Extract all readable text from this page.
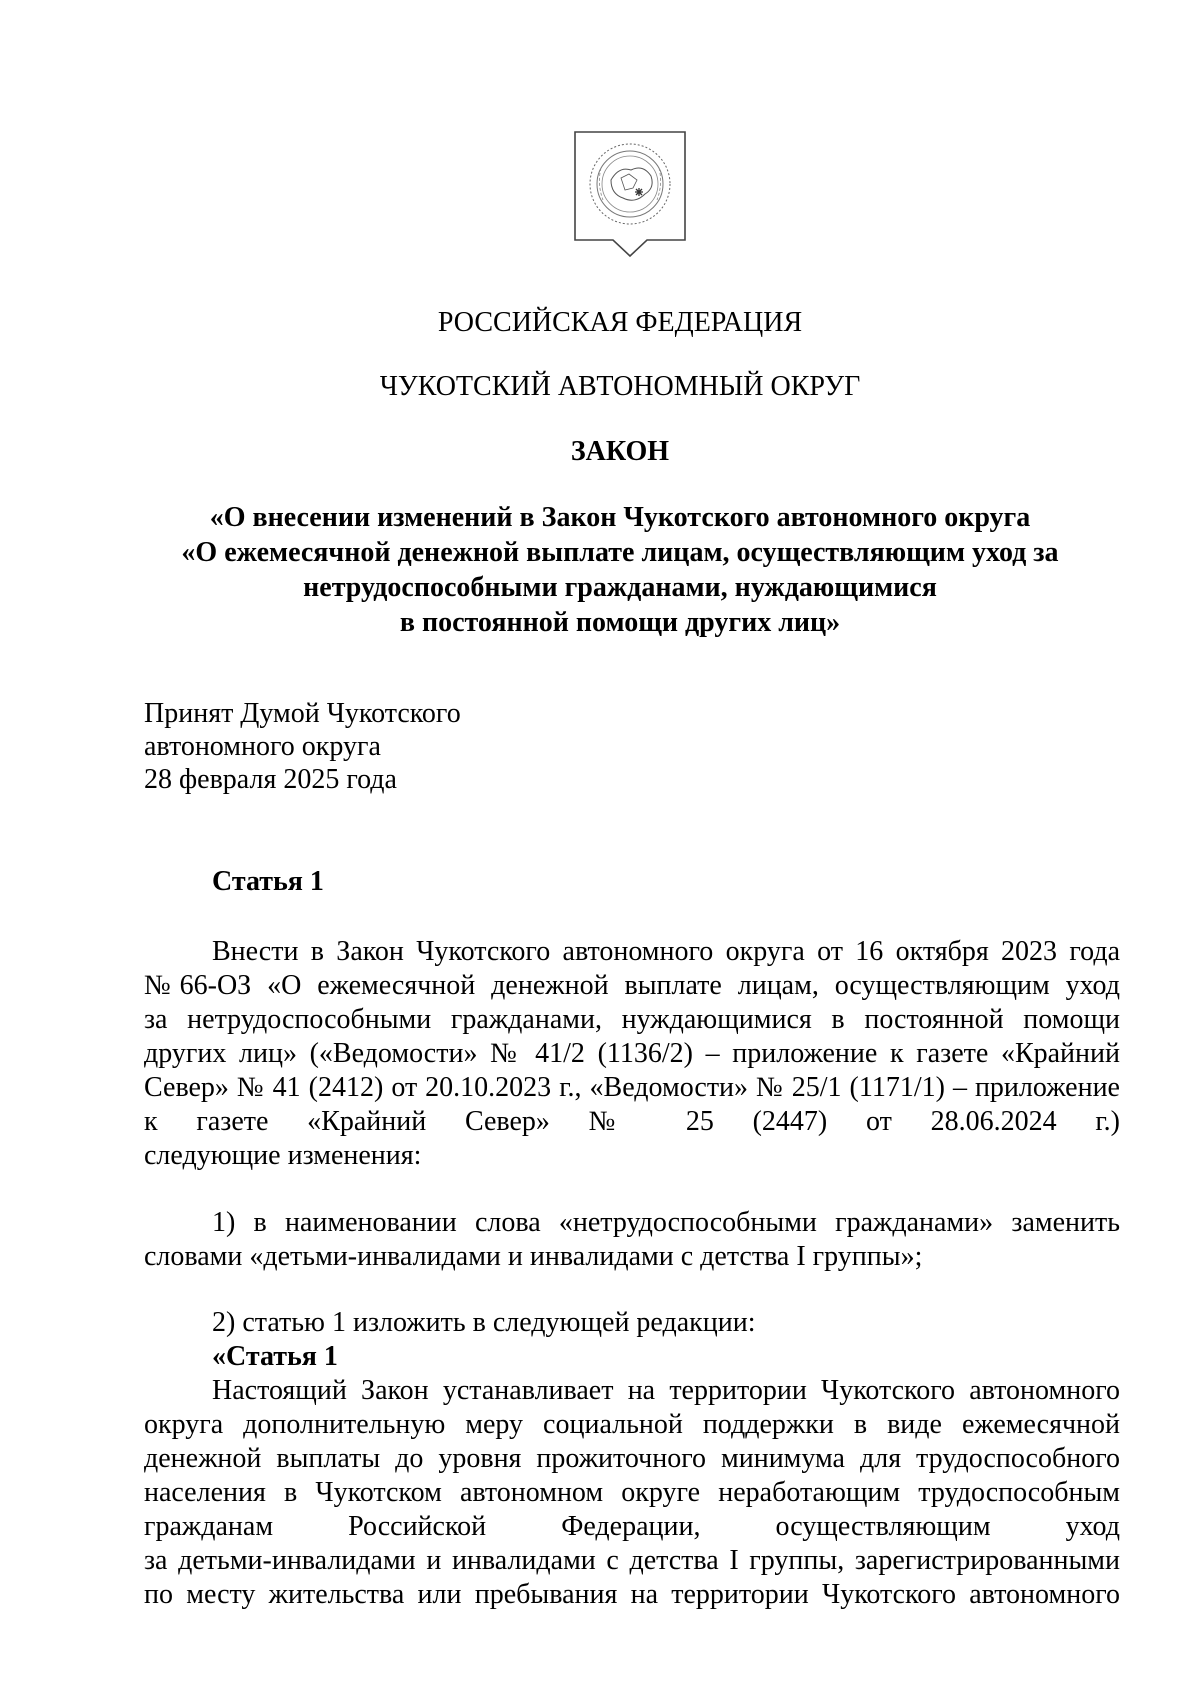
РОССИЙСКАЯ ФЕДЕРАЦИЯ
ЧУКОТСКИЙ АВТОНОМНЫЙ ОКРУГ
ЗАКОН
«О внесении изменений в Закон Чукотского автономного округа
«О ежемесячной денежной выплате лицам, осуществляющим уход за
нетрудоспособными гражданами, нуждающимися
в постоянной помощи других лиц»
Принят Думой Чукотского
автономного округа
28 февраля 2025 года
Статья 1
Внести в Закон Чукотского автономного округа от 16 октября 2023 года
№66-ОЗ «О ежемесячной денежной выплате лицам, осуществляющим уход
за нетрудоспособными гражданами, нуждающимися в постоянной помощи
других лиц» («Ведомости» № 41/2 (1136/2) – приложение к газете «Крайний
Север» № 41 (2412) от 20.10.2023 г., «Ведомости» № 25/1 (1171/1) – приложение
к газете «Крайний Север» № 25 (2447) от 28.06.2024 г.)
следующие изменения:
1) в наименовании слова «нетрудоспособными гражданами» заменить
словами «детьми-инвалидами и инвалидами с детства I группы»;
2) статью 1 изложить в следующей редакции:
«Статья 1
Настоящий Закон устанавливает на территории Чукотского автономного
округа дополнительную меру социальной поддержки в виде ежемесячной
денежной выплаты до уровня прожиточного минимума для трудоспособного
населения в Чукотском автономном округе неработающим трудоспособным
гражданам Российской Федерации, осуществляющим уход
за детьми-инвалидами и инвалидами с детства I группы, зарегистрированными
по месту жительства или пребывания на территории Чукотского автономного
